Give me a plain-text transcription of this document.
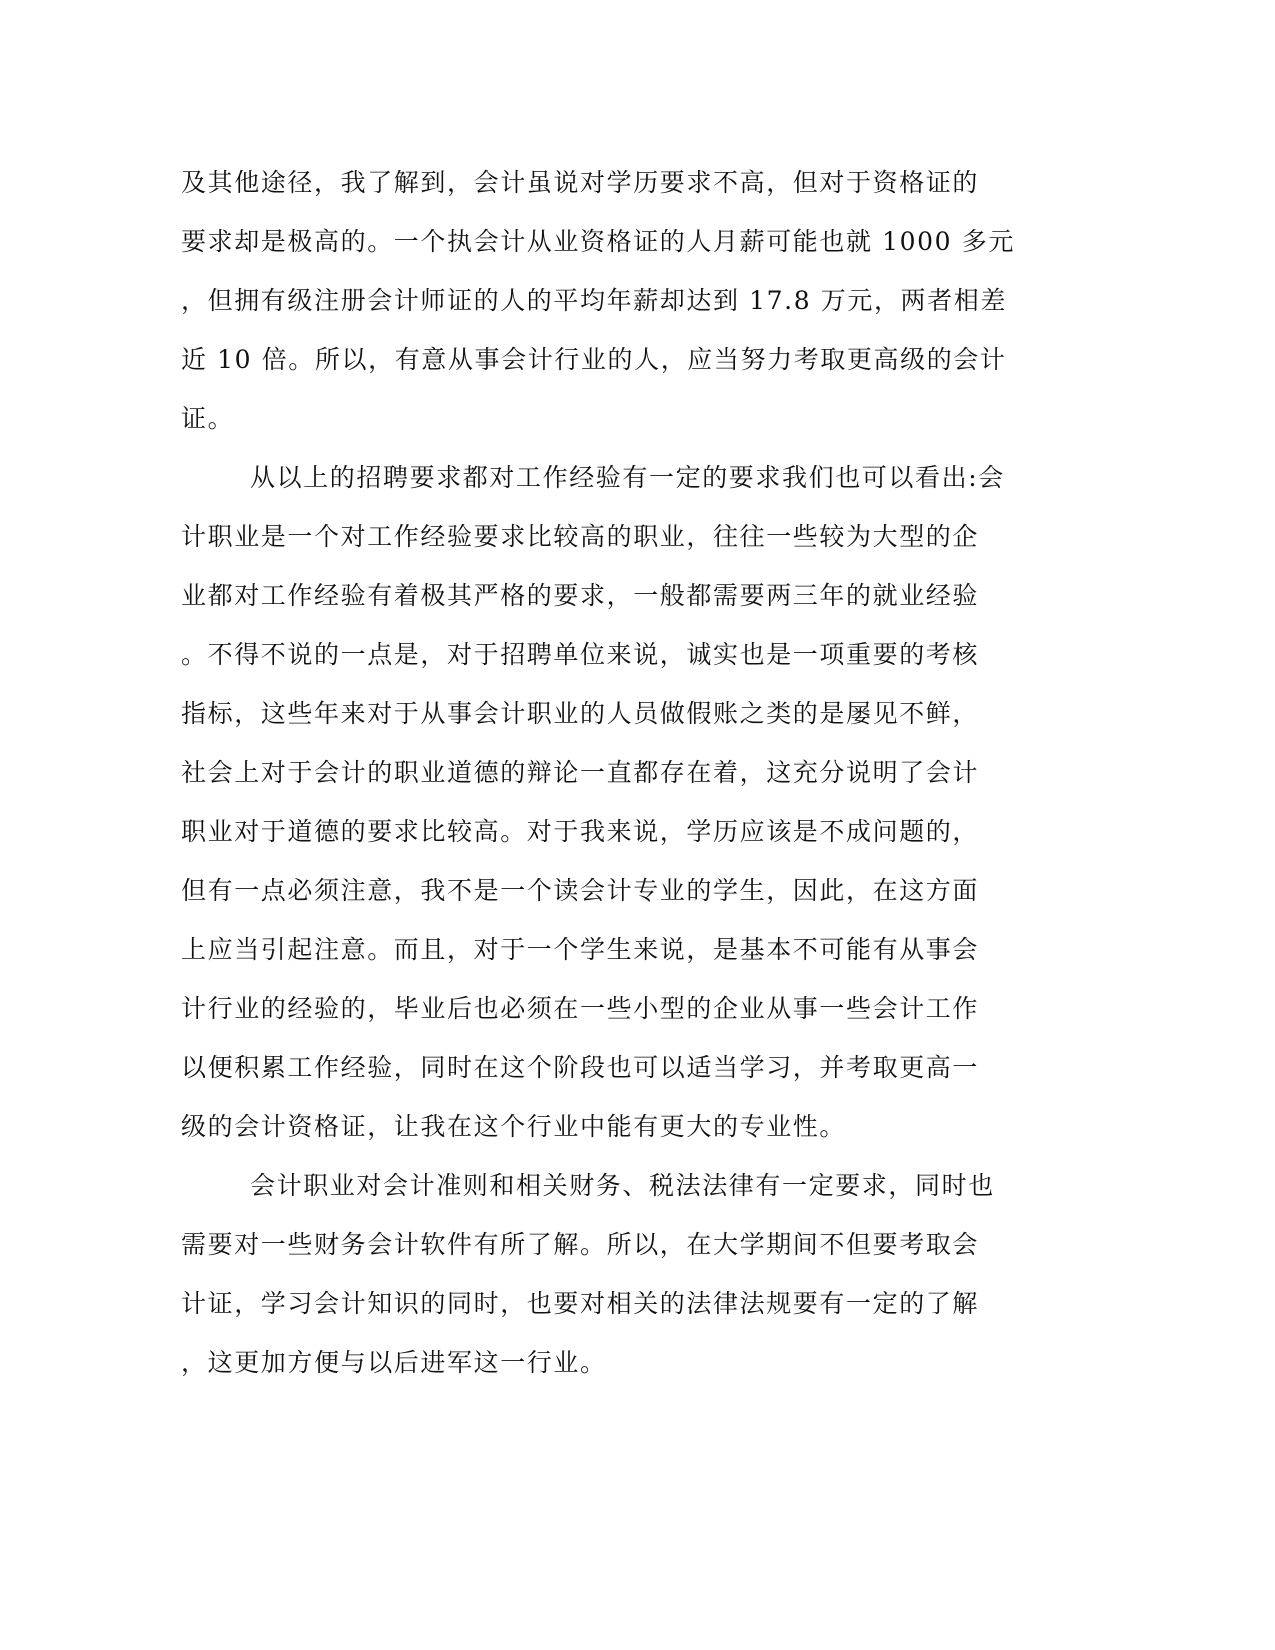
及其他途径，我了解到，会计虽说对学历要求不高，但对于资格证的
要求却是极高的。一个执会计从业资格证的人月薪可能也就 1000 多元
，但拥有级注册会计师证的人的平均年薪却达到 17.8 万元，两者相差
近 10 倍。所以，有意从事会计行业的人，应当努力考取更高级的会计
证。
从以上的招聘要求都对工作经验有一定的要求我们也可以看出:会
计职业是一个对工作经验要求比较高的职业，往往一些较为大型的企
业都对工作经验有着极其严格的要求，一般都需要两三年的就业经验
。不得不说的一点是，对于招聘单位来说，诚实也是一项重要的考核
指标，这些年来对于从事会计职业的人员做假账之类的是屡见不鲜，
社会上对于会计的职业道德的辩论一直都存在着，这充分说明了会计
职业对于道德的要求比较高。对于我来说，学历应该是不成问题的，
但有一点必须注意，我不是一个读会计专业的学生，因此，在这方面
上应当引起注意。而且，对于一个学生来说，是基本不可能有从事会
计行业的经验的，毕业后也必须在一些小型的企业从事一些会计工作
以便积累工作经验，同时在这个阶段也可以适当学习，并考取更高一
级的会计资格证，让我在这个行业中能有更大的专业性。
会计职业对会计准则和相关财务、税法法律有一定要求，同时也
需要对一些财务会计软件有所了解。所以，在大学期间不但要考取会
计证，学习会计知识的同时，也要对相关的法律法规要有一定的了解
，这更加方便与以后进军这一行业。
